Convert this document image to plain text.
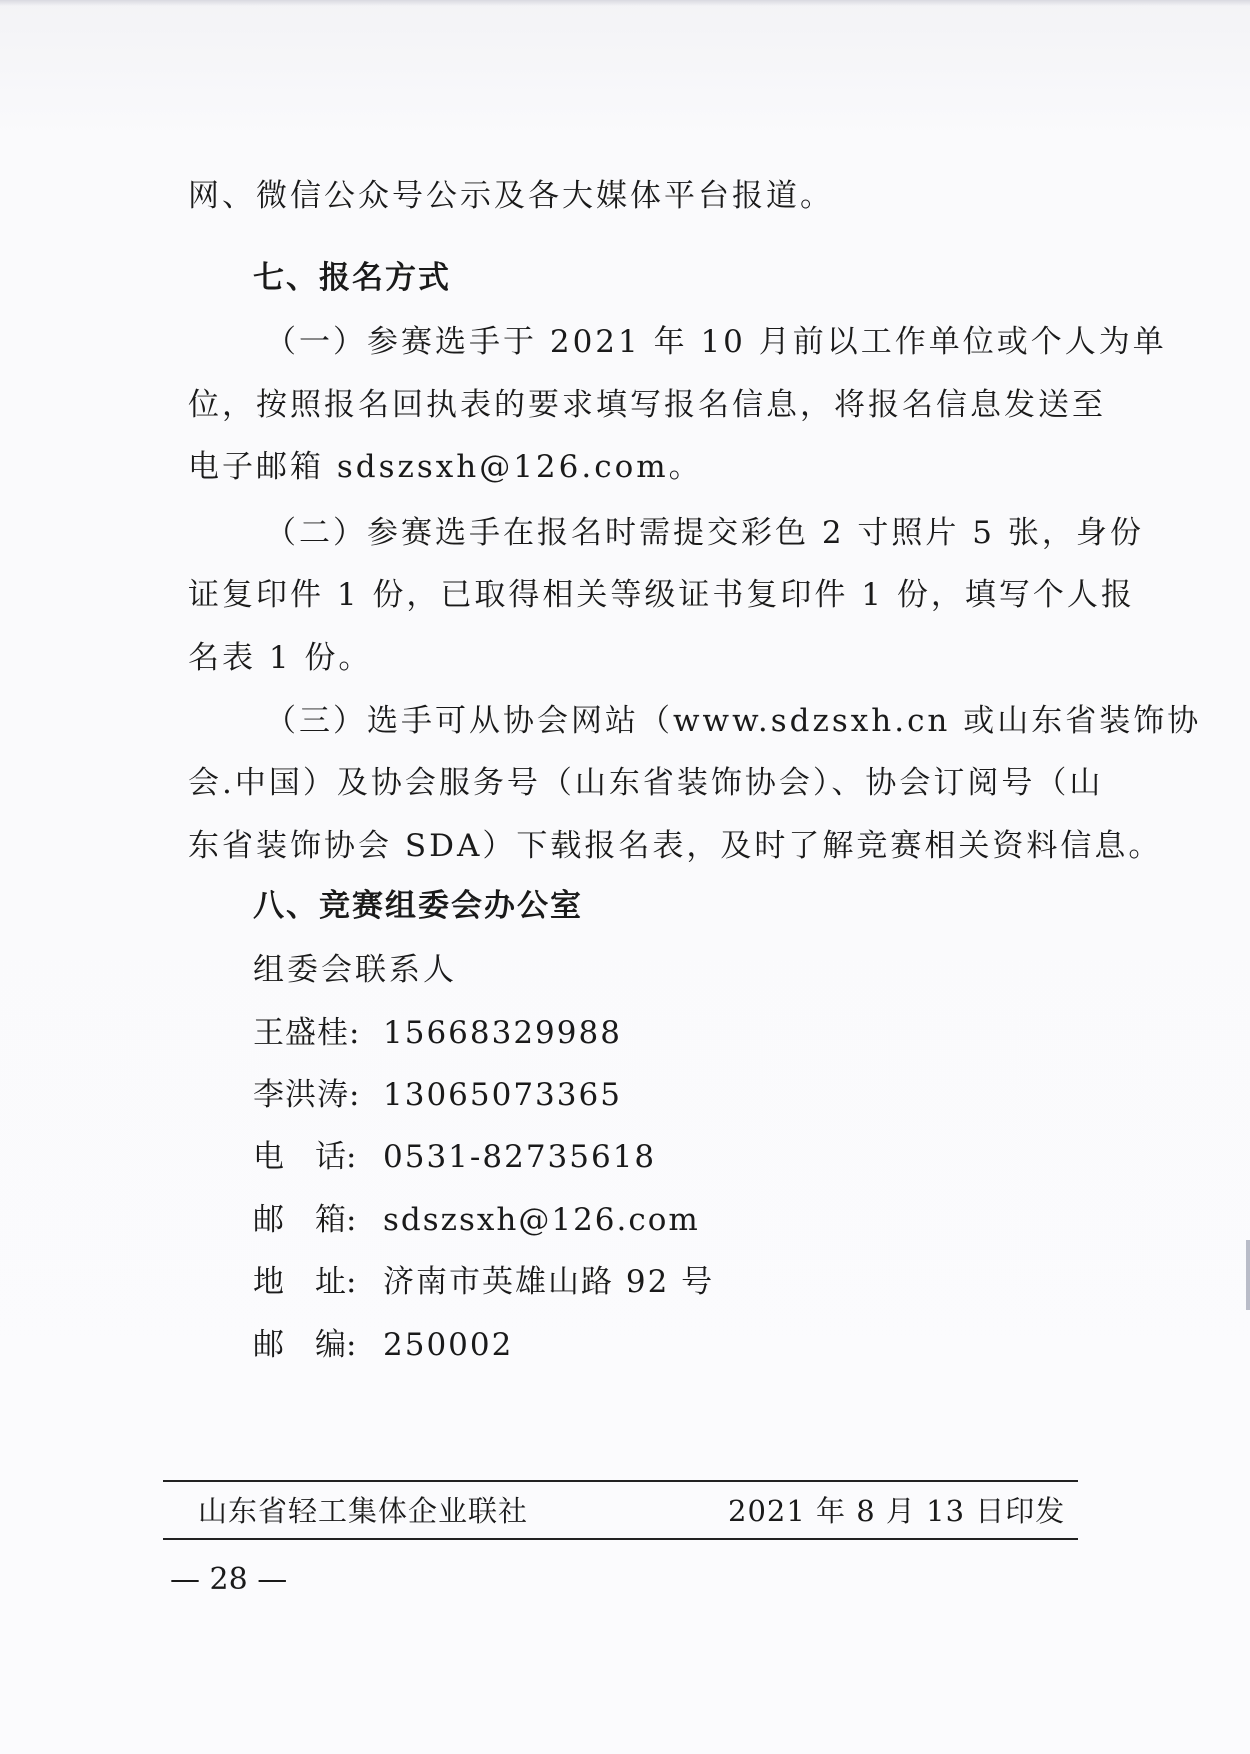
网、微信公众号公示及各大媒体平台报道。
七、报名方式
（一）参赛选手于 2021 年 10 月前以工作单位或个人为单
位，按照报名回执表的要求填写报名信息，将报名信息发送至
电子邮箱 sdszsxh@126.com。
（二）参赛选手在报名时需提交彩色 2 寸照片 5 张，身份
证复印件 1 份，已取得相关等级证书复印件 1 份，填写个人报
名表 1 份。
（三）选手可从协会网站（www.sdzsxh.cn 或山东省装饰协
会.中国）及协会服务号（山东省装饰协会）、协会订阅号（山
东省装饰协会 SDA）下载报名表，及时了解竞赛相关资料信息。
八、竞赛组委会办公室
组委会联系人
王盛桂: 15668329988
李洪涛: 13065073365
电　话: 0531-82735618
邮　箱: sdszsxh@126.com
地　址: 济南市英雄山路 92 号
邮　编: 250002
山东省轻工集体企业联社	2021 年 8 月 13 日印发
— 28 —
